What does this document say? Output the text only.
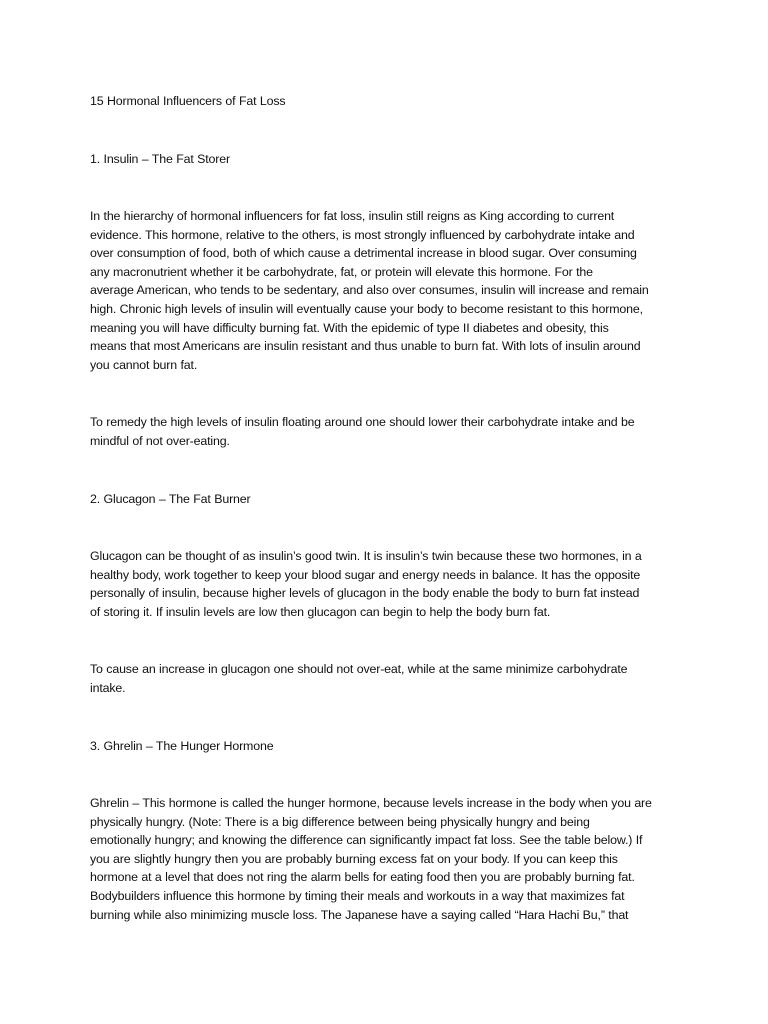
15 Hormonal Influencers of Fat Loss
1. Insulin – The Fat Storer
In the hierarchy of hormonal influencers for fat loss, insulin still reigns as King according to current
evidence. This hormone, relative to the others, is most strongly influenced by carbohydrate intake and
over consumption of food, both of which cause a detrimental increase in blood sugar. Over consuming
any macronutrient whether it be carbohydrate, fat, or protein will elevate this hormone. For the
average American, who tends to be sedentary, and also over consumes, insulin will increase and remain
high. Chronic high levels of insulin will eventually cause your body to become resistant to this hormone,
meaning you will have difficulty burning fat. With the epidemic of type II diabetes and obesity, this
means that most Americans are insulin resistant and thus unable to burn fat. With lots of insulin around
you cannot burn fat.
To remedy the high levels of insulin floating around one should lower their carbohydrate intake and be
mindful of not over-eating.
2. Glucagon – The Fat Burner
Glucagon can be thought of as insulin’s good twin. It is insulin’s twin because these two hormones, in a
healthy body, work together to keep your blood sugar and energy needs in balance. It has the opposite
personally of insulin, because higher levels of glucagon in the body enable the body to burn fat instead
of storing it. If insulin levels are low then glucagon can begin to help the body burn fat.
To cause an increase in glucagon one should not over-eat, while at the same minimize carbohydrate
intake.
3. Ghrelin – The Hunger Hormone
Ghrelin – This hormone is called the hunger hormone, because levels increase in the body when you are
physically hungry. (Note: There is a big difference between being physically hungry and being
emotionally hungry; and knowing the difference can significantly impact fat loss. See the table below.) If
you are slightly hungry then you are probably burning excess fat on your body. If you can keep this
hormone at a level that does not ring the alarm bells for eating food then you are probably burning fat.
Bodybuilders influence this hormone by timing their meals and workouts in a way that maximizes fat
burning while also minimizing muscle loss. The Japanese have a saying called “Hara Hachi Bu,” that
